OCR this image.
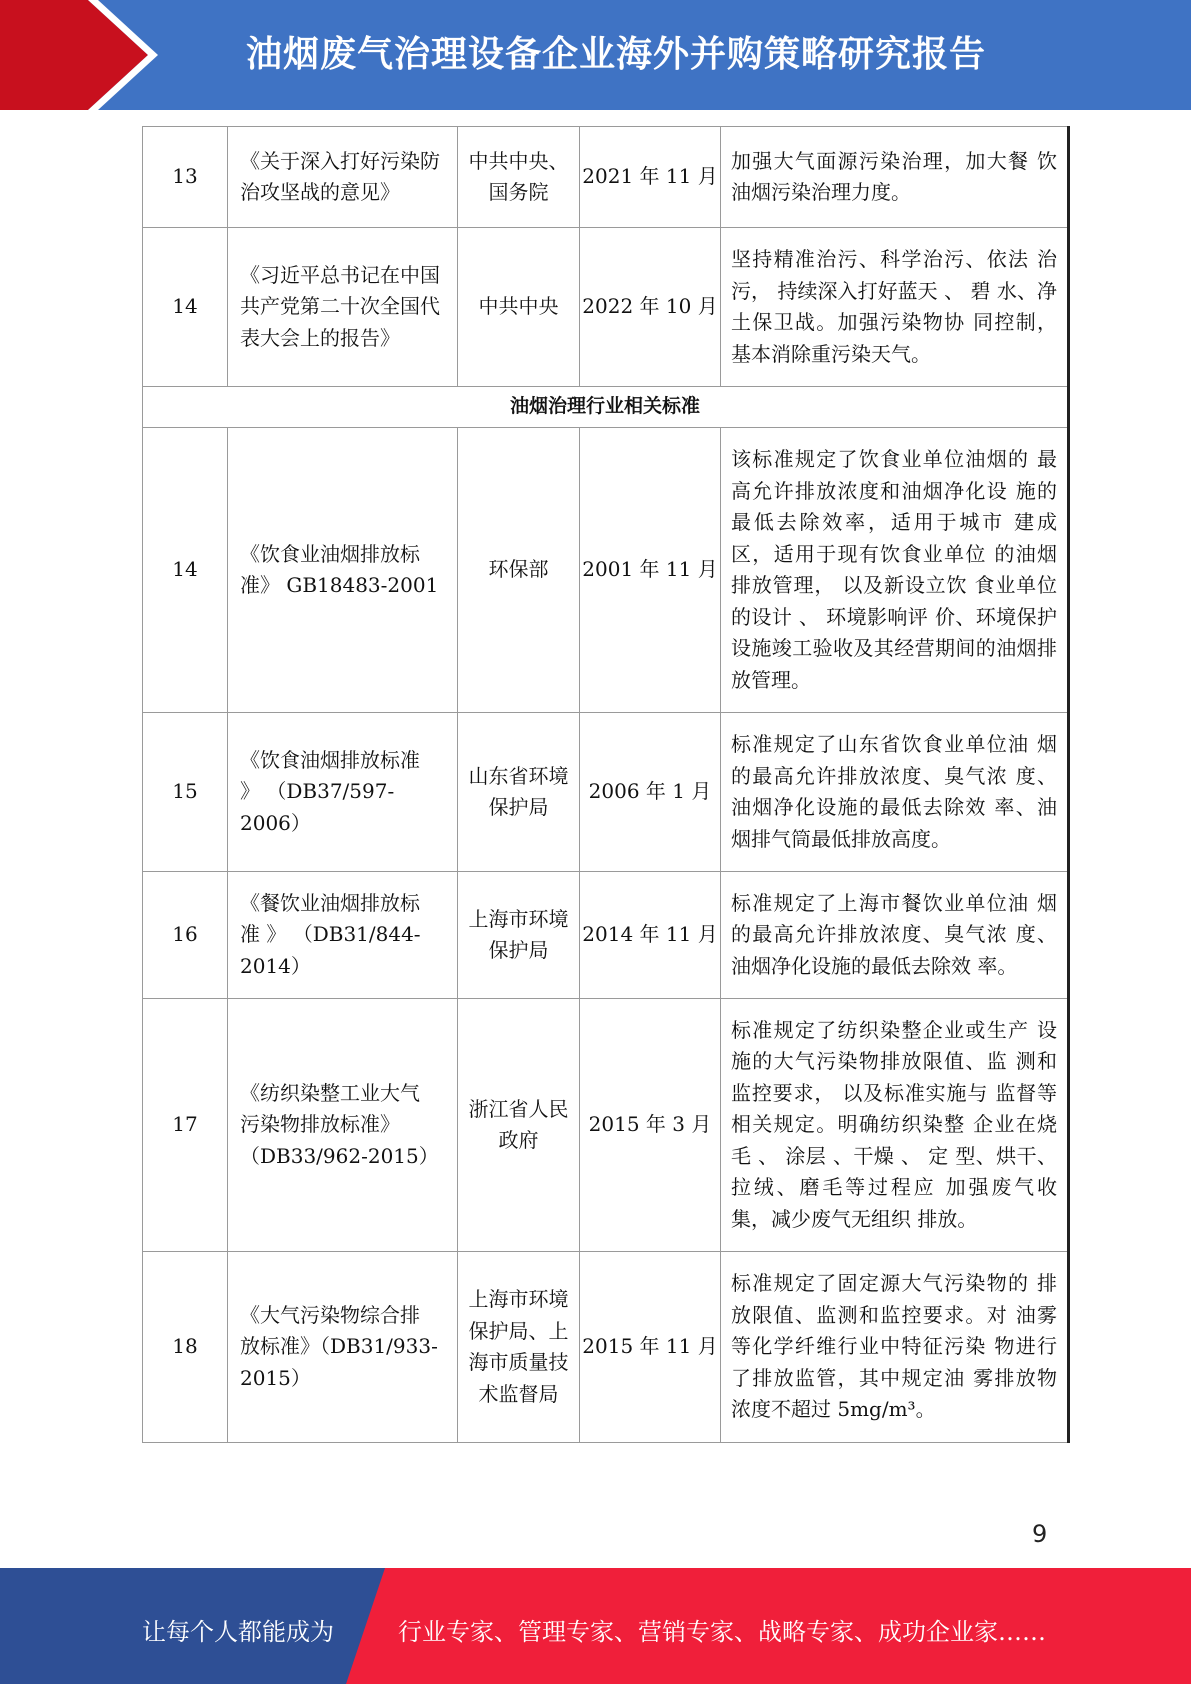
油烟废气治理设备企业海外并购策略研究报告
13	《关于深入打好污染防治攻坚战的意见》	中共中央、国务院	2021 年 11 月	加强大气面源污染治理，加大餐 饮油烟污染治理力度。
14	《习近平总书记在中国共产党第二十次全国代表大会上的报告》	中共中央	2022 年 10 月	坚持精准治污、科学治污、依法 治污， 持续深入打好蓝天 、 碧 水、净土保卫战。加强污染物协 同控制，基本消除重污染天气。
油烟治理行业相关标准				
14	《饮食业油烟排放标 准》 GB18483-2001	环保部	2001 年 11 月	该标准规定了饮食业单位油烟的 最高允许排放浓度和油烟净化设 施的最低去除效率，适用于城市 建成区，适用于现有饮食业单位 的油烟排放管理， 以及新设立饮 食业单位的设计 、 环境影响评 价、环境保护设施竣工验收及其经营期间的油烟排放管理。
15	《饮食油烟排放标准 》 （DB37/597- 2006）	山东省环境保护局	2006 年 1 月	标准规定了山东省饮食业单位油 烟的最高允许排放浓度、臭气浓 度、油烟净化设施的最低去除效 率、油烟排气筒最低排放高度。
16	《餐饮业油烟排放标 准 》 （DB31/844- 2014）	上海市环境保护局	2014 年 11 月	标准规定了上海市餐饮业单位油 烟的最高允许排放浓度、臭气浓 度、油烟净化设施的最低去除效 率。
17	《纺织染整工业大气 污染物排放标准》（DB33/962-2015）	浙江省人民政府	2015 年 3 月	标准规定了纺织染整企业或生产 设施的大气污染物排放限值、监 测和监控要求， 以及标准实施与 监督等相关规定。明确纺织染整 企业在烧毛 、 涂层 、干燥 、 定 型、烘干、拉绒、磨毛等过程应 加强废气收集，减少废气无组织 排放。
18	《大气污染物综合排 放标准》（DB31/933- 2015）	上海市环境保护局、上海市质量技术监督局	2015 年 11 月	标准规定了固定源大气污染物的 排放限值、监测和监控要求。对 油雾等化学纤维行业中特征污染 物进行了排放监管，其中规定油 雾排放物浓度不超过 5mg/m³。
9
让每个人都能成为	行业专家、管理专家、营销专家、战略专家、成功企业家……
